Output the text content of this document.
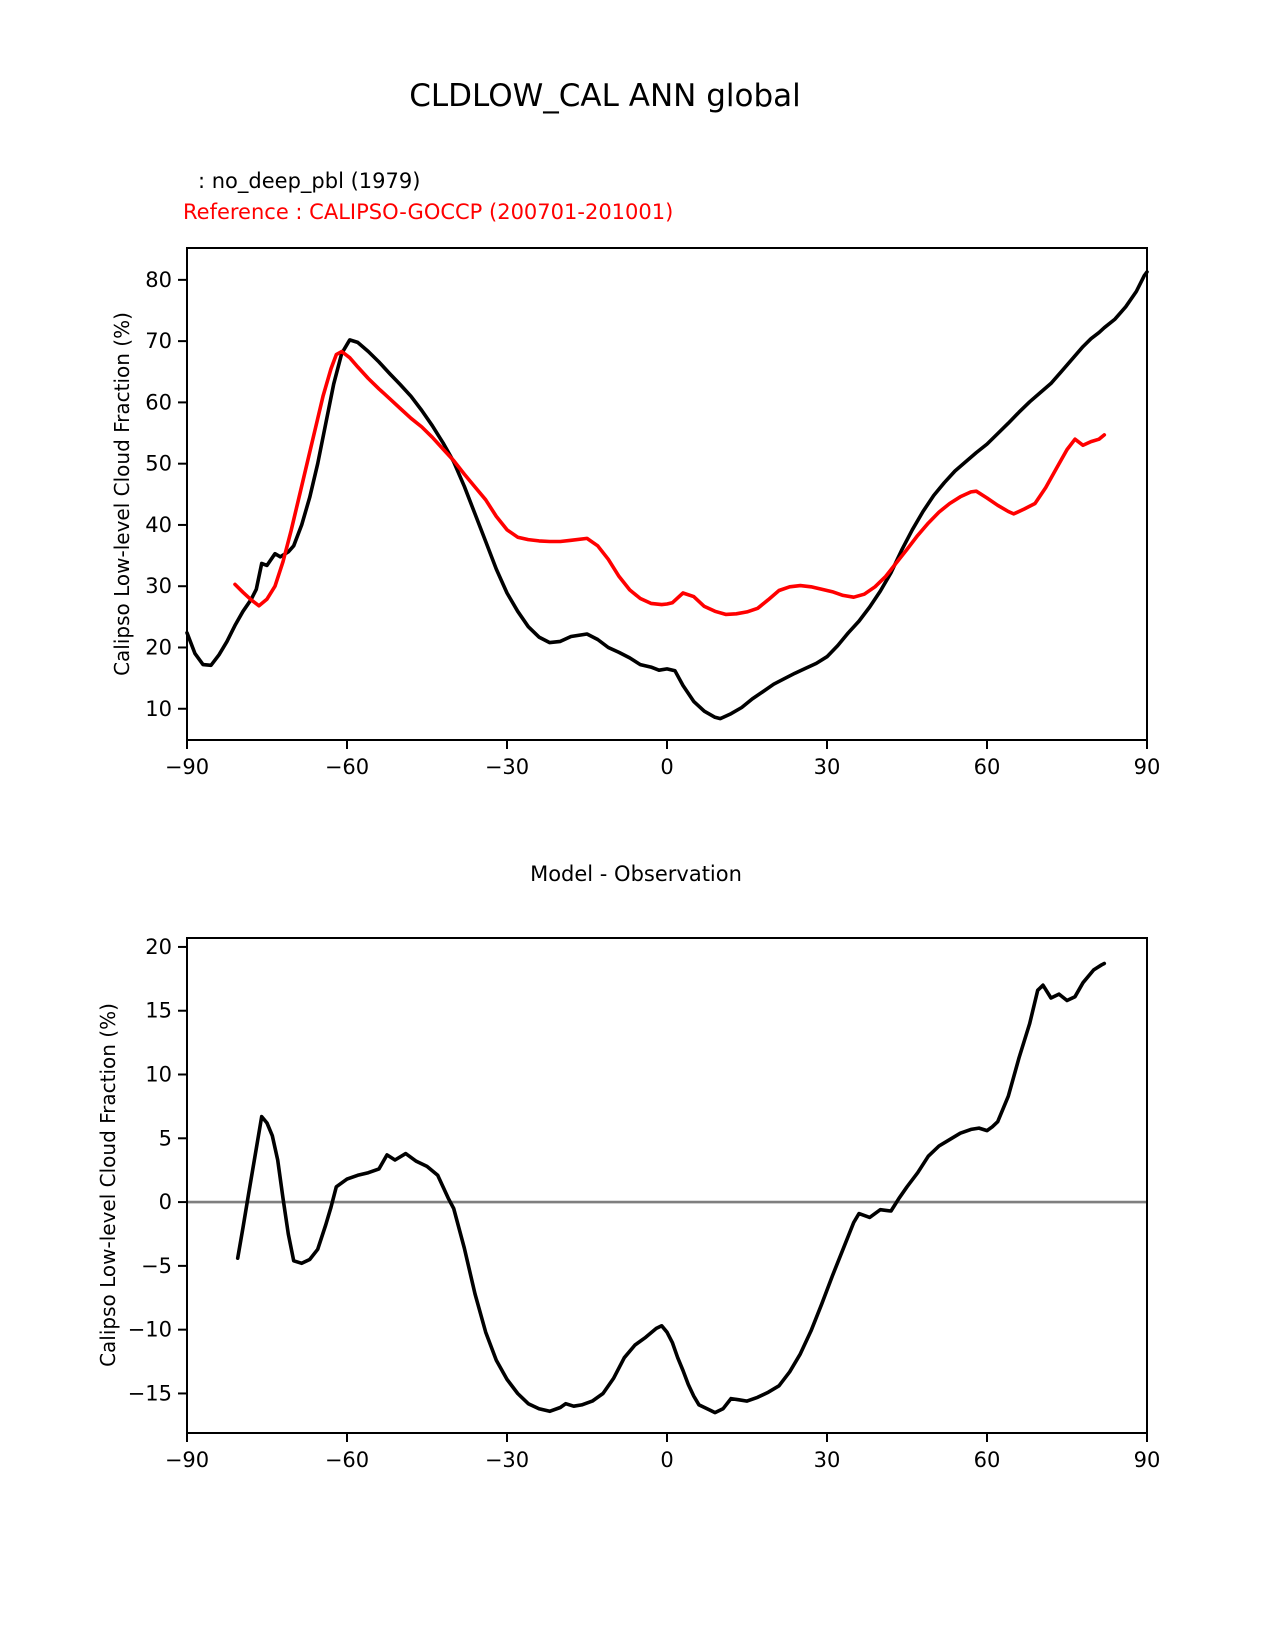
CLDLOW_CAL ANN global
: no_deep_pbl (1979)
Reference : CALIPSO-GOCCP (200701-201001)
Calipso Low-level Cloud Fraction (%)
Calipso Low-level Cloud Fraction (%)
Model - Observation
−90	−60	−30	0	30	60	90
10
20
30
40
50
60
70
80
−90	−60	−30	0	30	60	90
−15
−10
−5
0
5
10
15
20
